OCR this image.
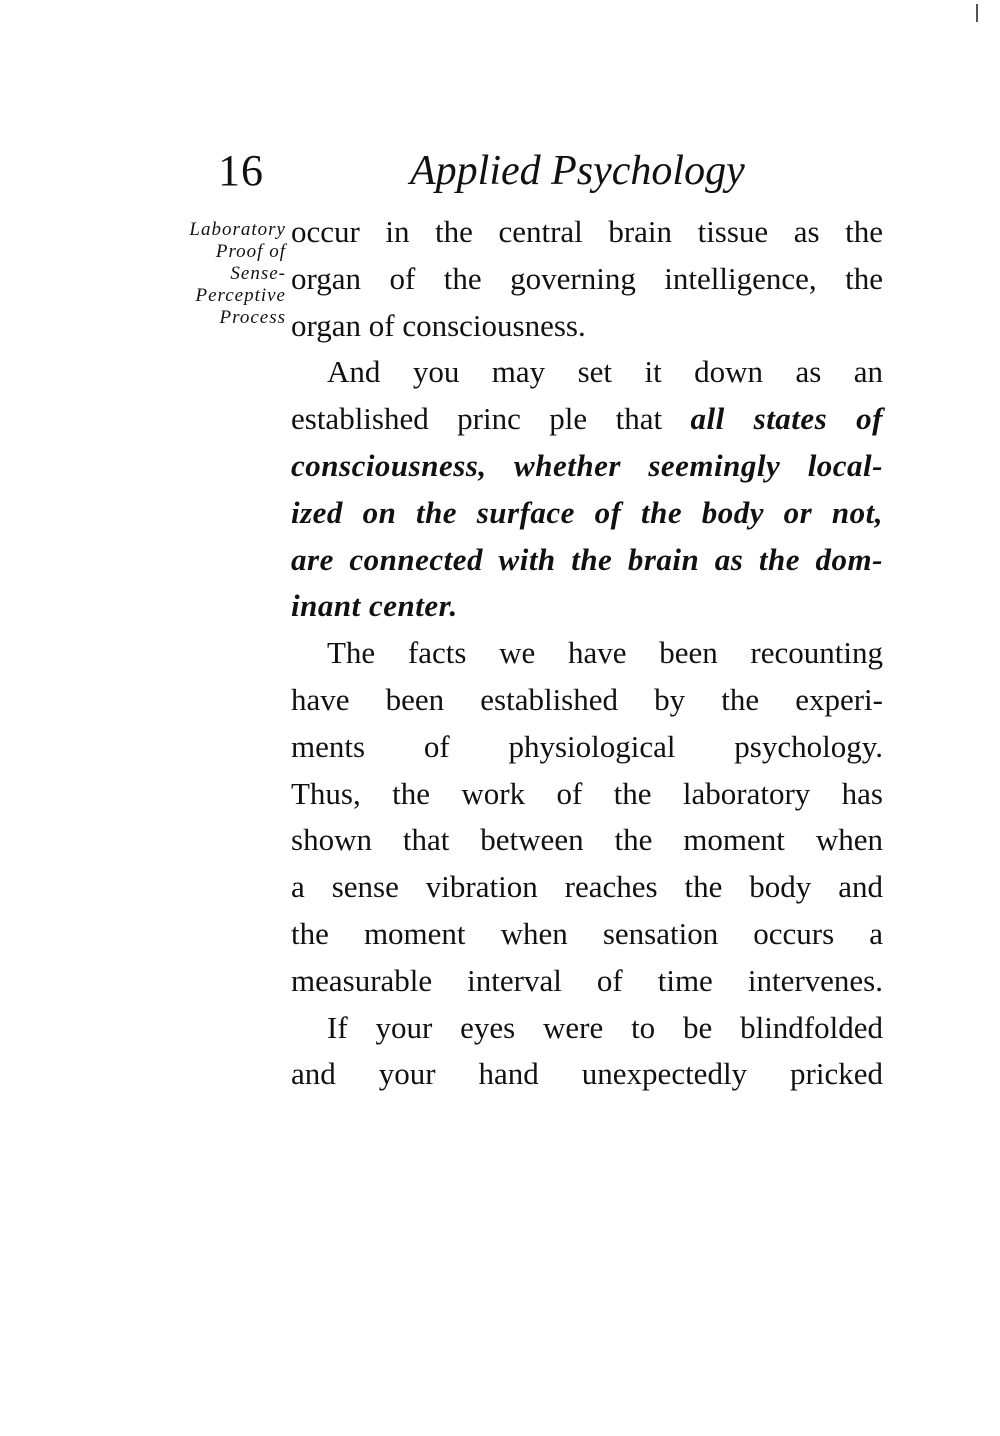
16	Applied Psychology
Laboratory
Proof of
Sense-
Perceptive
Process
occur in the central brain tissue as the
organ of the governing intelligence, the
organ of consciousness.
And you may set it down as an
established princ ple that all states of
consciousness, whether seemingly local-
ized on the surface of the body or not,
are connected with the brain as the dom-
inant center.
The facts we have been recounting
have been established by the experi-
ments of physiological psychology.
Thus, the work of the laboratory has
shown that between the moment when
a sense vibration reaches the body and
the moment when sensation occurs a
measurable interval of time intervenes.
If your eyes were to be blindfolded
and your hand unexpectedly pricked
